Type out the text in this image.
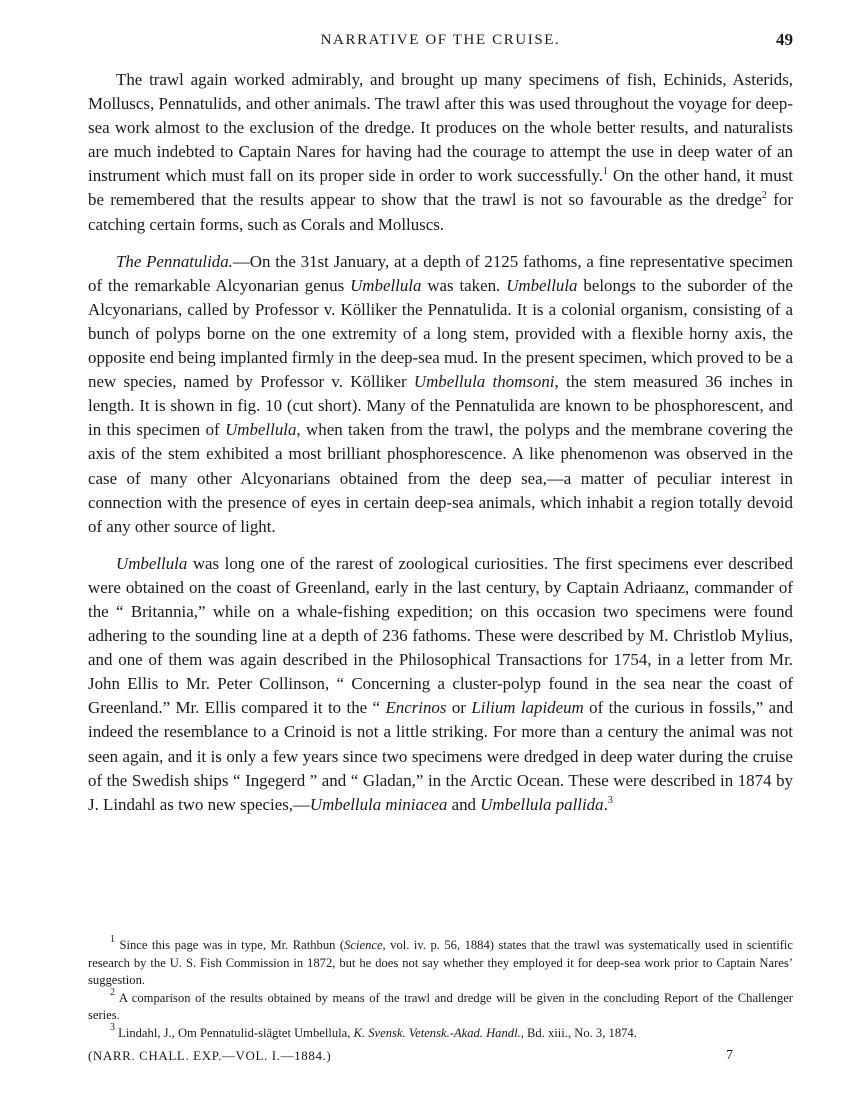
NARRATIVE OF THE CRUISE.	49

The trawl again worked admirably, and brought up many specimens of fish, Echinids, Asterids, Molluscs, Pennatulids, and other animals. The trawl after this was used throughout the voyage for deep-sea work almost to the exclusion of the dredge. It produces on the whole better results, and naturalists are much indebted to Captain Nares for having had the courage to attempt the use in deep water of an instrument which must fall on its proper side in order to work successfully.$^1$ On the other hand, it must be remembered that the results appear to show that the trawl is not so favourable as the dredge$^2$ for catching certain forms, such as Corals and Molluscs.

The Pennatulida.—On the 31st January, at a depth of 2125 fathoms, a fine representative specimen of the remarkable Alcyonarian genus Umbellula was taken. Umbellula belongs to the suborder of the Alcyonarians, called by Professor v. Kölliker the Pennatulida. It is a colonial organism, consisting of a bunch of polyps borne on the one extremity of a long stem, provided with a flexible horny axis, the opposite end being implanted firmly in the deep-sea mud. In the present specimen, which proved to be a new species, named by Professor v. Kölliker Umbellula thomsoni, the stem measured 36 inches in length. It is shown in fig. 10 (cut short). Many of the Pennatulida are known to be phosphorescent, and in this specimen of Umbellula, when taken from the trawl, the polyps and the membrane covering the axis of the stem exhibited a most brilliant phosphorescence. A like phenomenon was observed in the case of many other Alcyonarians obtained from the deep sea,—a matter of peculiar interest in connection with the presence of eyes in certain deep-sea animals, which inhabit a region totally devoid of any other source of light.

Umbellula was long one of the rarest of zoological curiosities. The first specimens ever described were obtained on the coast of Greenland, early in the last century, by Captain Adriaanz, commander of the “ Britannia,” while on a whale-fishing expedition; on this occasion two specimens were found adhering to the sounding line at a depth of 236 fathoms. These were described by M. Christlob Mylius, and one of them was again described in the Philosophical Transactions for 1754, in a letter from Mr. John Ellis to Mr. Peter Collinson, “ Concerning a cluster-polyp found in the sea near the coast of Greenland.” Mr. Ellis compared it to the “ Encrinos or Lilium lapideum of the curious in fossils,” and indeed the resemblance to a Crinoid is not a little striking. For more than a century the animal was not seen again, and it is only a few years since two specimens were dredged in deep water during the cruise of the Swedish ships “ Ingegerd ” and “ Gladan,” in the Arctic Ocean. These were described in 1874 by J. Lindahl as two new species,—Umbellula miniacea and Umbellula pallida.$^3$

$^1$ Since this page was in type, Mr. Rathbun (Science, vol. iv. p. 56, 1884) states that the trawl was systematically used in scientific research by the U. S. Fish Commission in 1872, but he does not say whether they employed it for deep-sea work prior to Captain Nares’ suggestion.

$^2$ A comparison of the results obtained by means of the trawl and dredge will be given in the concluding Report of the Challenger series.

$^3$ Lindahl, J., Om Pennatulid-slägtet Umbellula, K. Svensk. Vetensk.-Akad. Handl., Bd. xiii., No. 3, 1874.

(NARR. CHALL. EXP.—VOL. I.—1884.)	7
